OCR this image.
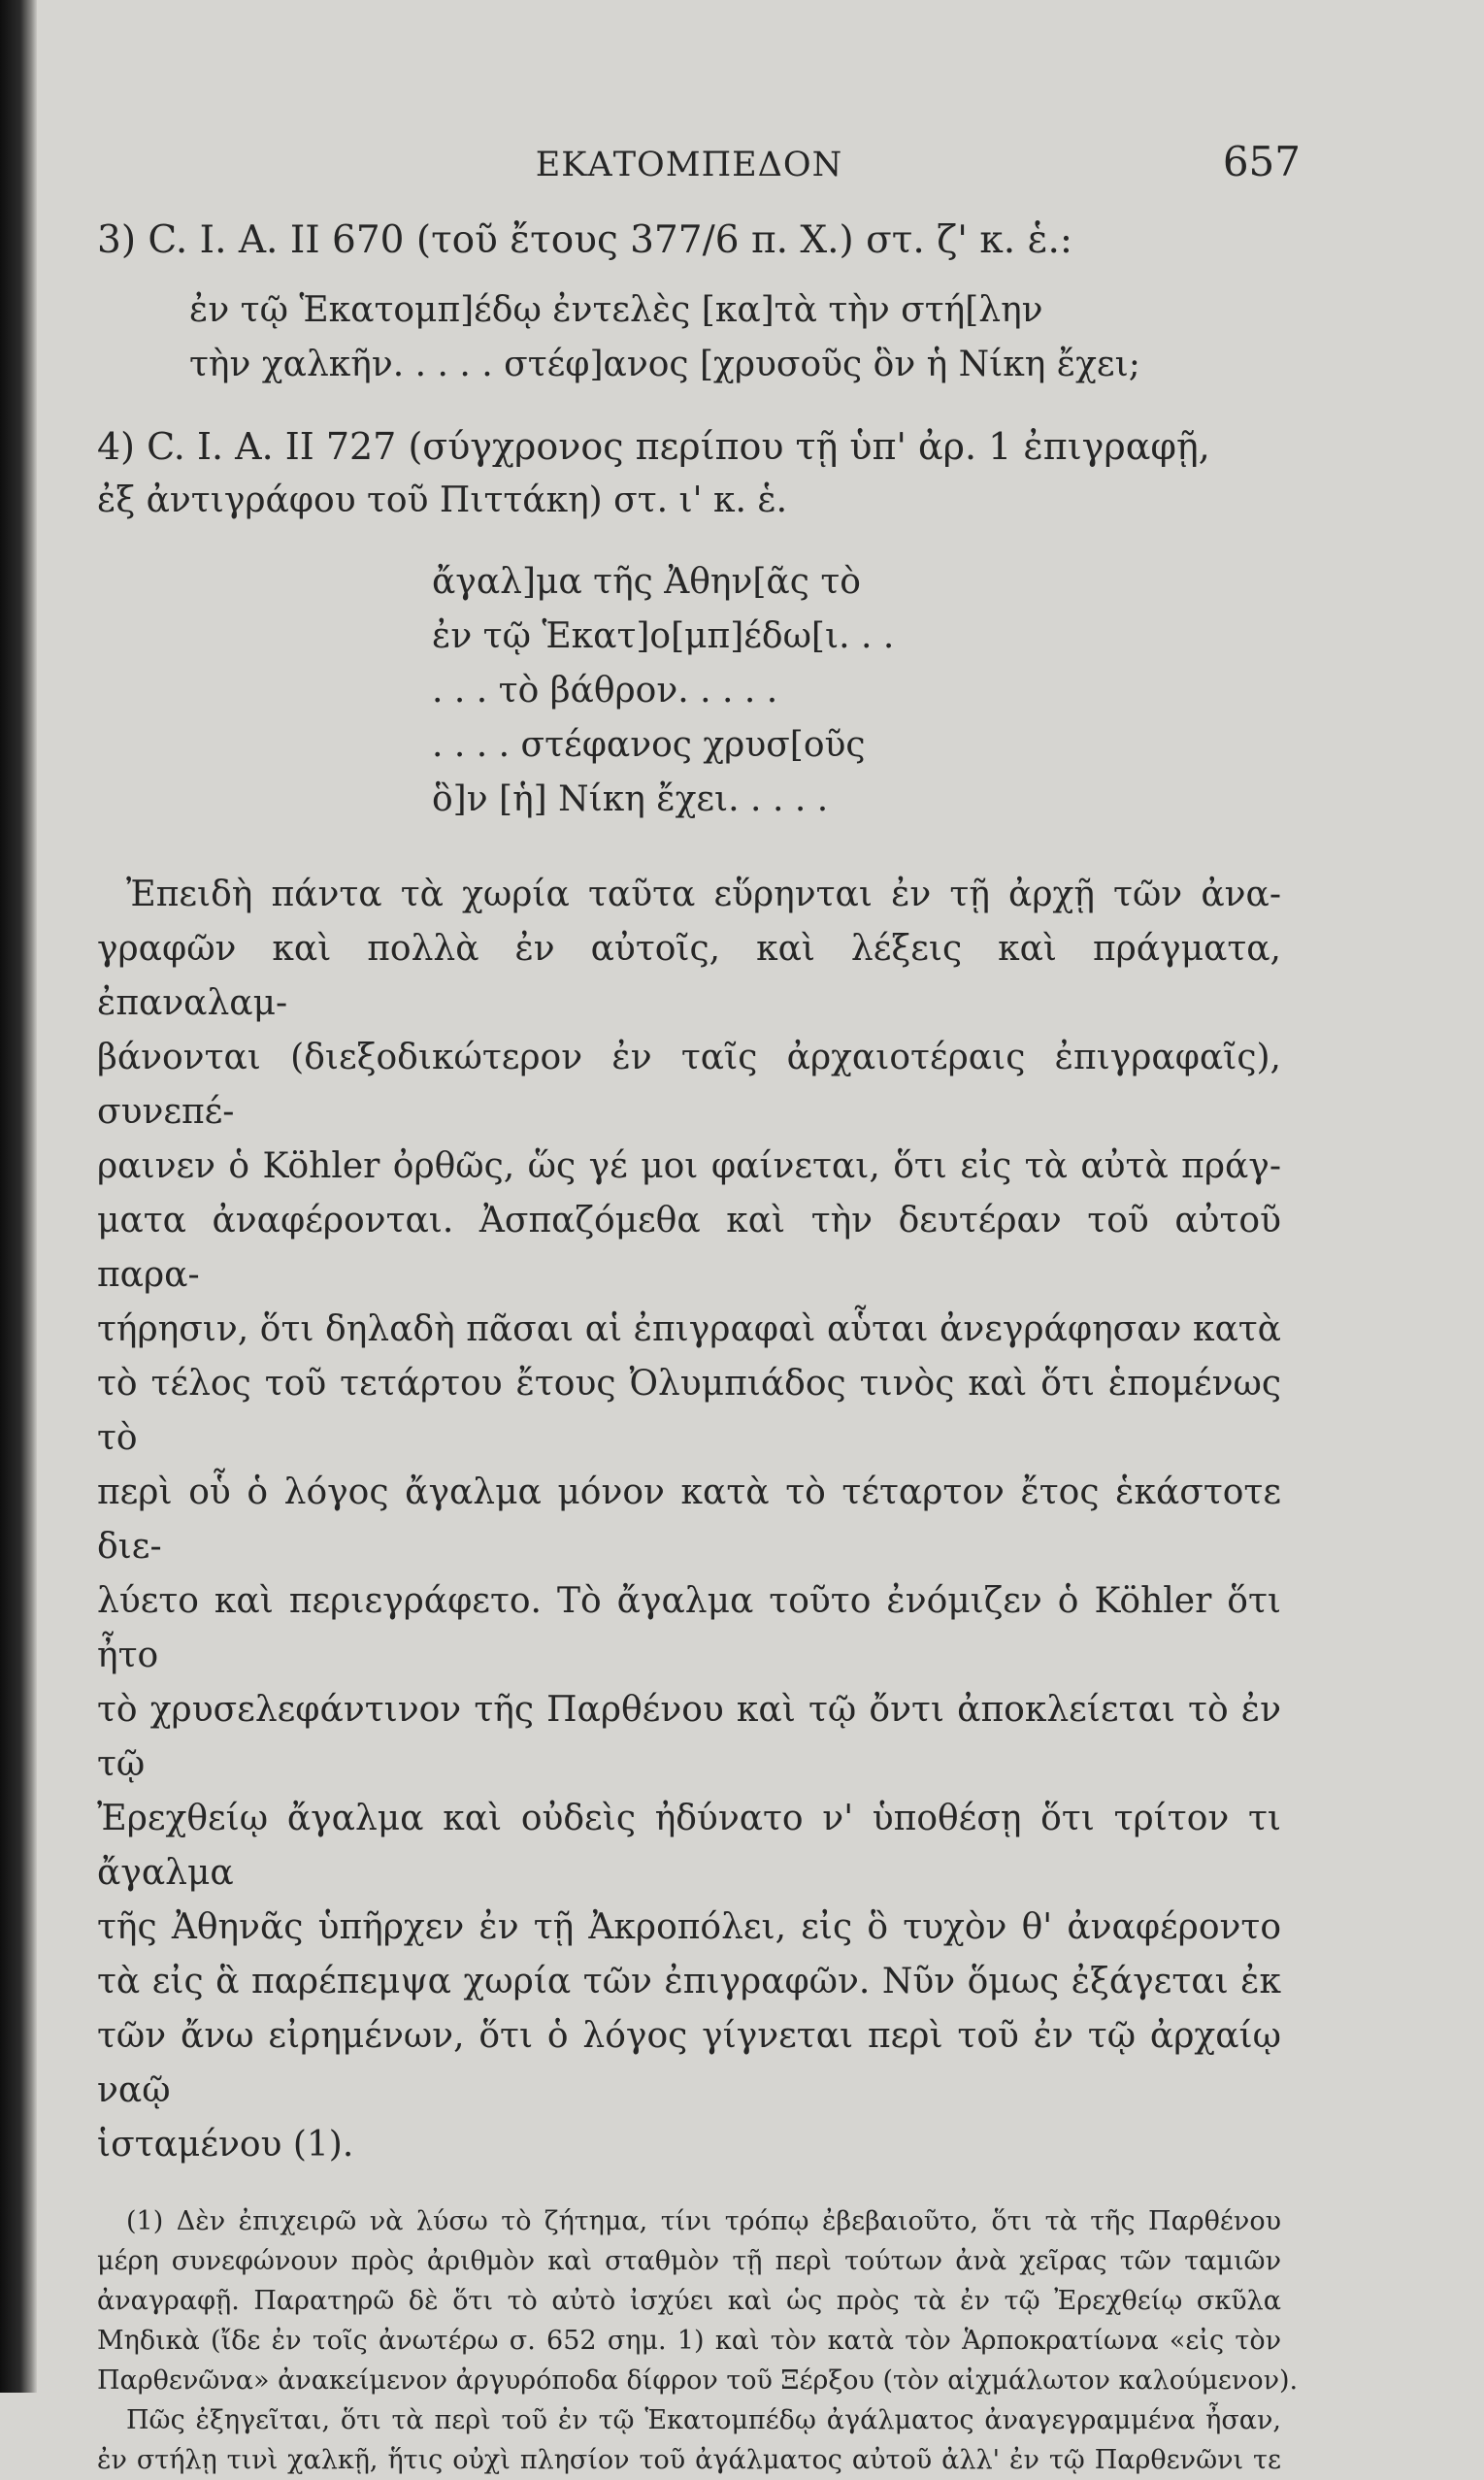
ΕΚΑΤΟΜΠΕΔΟΝ	657
3) C. I. A. II 670 (τοῦ ἔτους 377/6 π. Χ.) στ. ζ' κ. ἑ.:
ἐν τῷ Ἑκατομπ]έδῳ ἐντελὲς [κα]τὰ τὴν στή[λην
τὴν χαλκῆν. . . . . στέφ]ανος [χρυσοῦς ὃν ἡ Νίκη ἔχει;
4) C. I. A. II 727 (σύγχρονος περίπου τῇ ὑπ' ἀρ. 1 ἐπιγραφῇ,
ἐξ ἀντιγράφου τοῦ Πιττάκη) στ. ι' κ. ἑ.
ἄγαλ]μα τῆς Ἀθην[ᾶς τὸ
ἐν τῷ Ἑκατ]ο[μπ]έδω[ι. . .
. . . τὸ βάθρον. . . . .
. . . . στέφανος χρυσ[οῦς
ὃ]ν [ἡ] Νίκη ἔχει. . . . .
Ἐπειδὴ πάντα τὰ χωρία ταῦτα εὕρηνται ἐν τῇ ἀρχῇ τῶν ἀνα-
γραφῶν καὶ πολλὰ ἐν αὐτοῖς, καὶ λέξεις καὶ πράγματα, ἐπαναλαμ-
βάνονται (διεξοδικώτερον ἐν ταῖς ἀρχαιοτέραις ἐπιγραφαῖς), συνεπέ-
ραινεν ὁ Köhler ὀρθῶς, ὥς γέ μοι φαίνεται, ὅτι εἰς τὰ αὐτὰ πράγ-
ματα ἀναφέρονται. Ἀσπαζόμεθα καὶ τὴν δευτέραν τοῦ αὐτοῦ παρα-
τήρησιν, ὅτι δηλαδὴ πᾶσαι αἱ ἐπιγραφαὶ αὗται ἀνεγράφησαν κατὰ
τὸ τέλος τοῦ τετάρτου ἔτους Ὀλυμπιάδος τινὸς καὶ ὅτι ἑπομένως τὸ
περὶ οὗ ὁ λόγος ἄγαλμα μόνον κατὰ τὸ τέταρτον ἔτος ἑκάστοτε διε-
λύετο καὶ περιεγράφετο. Τὸ ἄγαλμα τοῦτο ἐνόμιζεν ὁ Köhler ὅτι ἦτο
τὸ χρυσελεφάντινον τῆς Παρθένου καὶ τῷ ὄντι ἀποκλείεται τὸ ἐν τῷ
Ἐρεχθείῳ ἄγαλμα καὶ οὐδεὶς ἠδύνατο ν' ὑποθέσῃ ὅτι τρίτον τι ἄγαλμα
τῆς Ἀθηνᾶς ὑπῆρχεν ἐν τῇ Ἀκροπόλει, εἰς ὃ τυχὸν θ' ἀναφέροντο
τὰ εἰς ἃ παρέπεμψα χωρία τῶν ἐπιγραφῶν. Νῦν ὅμως ἐξάγεται ἐκ
τῶν ἄνω εἰρημένων, ὅτι ὁ λόγος γίγνεται περὶ τοῦ ἐν τῷ ἀρχαίῳ ναῷ
ἱσταμένου (1).
(1) Δὲν ἐπιχειρῶ νὰ λύσω τὸ ζήτημα, τίνι τρόπῳ ἐβεβαιοῦτο, ὅτι τὰ τῆς Παρθένου
μέρη συνεφώνουν πρὸς ἀριθμὸν καὶ σταθμὸν τῇ περὶ τούτων ἀνὰ χεῖρας τῶν ταμιῶν
ἀναγραφῇ. Παρατηρῶ δὲ ὅτι τὸ αὐτὸ ἰσχύει καὶ ὡς πρὸς τὰ ἐν τῷ Ἐρεχθείῳ σκῦλα
Μηδικὰ (ἴδε ἐν τοῖς ἀνωτέρω σ. 652 σημ. 1) καὶ τὸν κατὰ τὸν Ἁρποκρατίωνα «εἰς τὸν
Παρθενῶνα» ἀνακείμενον ἀργυρόποδα δίφρον τοῦ Ξέρξου (τὸν αἰχμάλωτον καλούμενον).
Πῶς ἐξηγεῖται, ὅτι τὰ περὶ τοῦ ἐν τῷ Ἑκατομπέδῳ ἀγάλματος ἀναγεγραμμένα ἦσαν,
ἐν στήλῃ τινὶ χαλκῇ, ἥτις οὐχὶ πλησίον τοῦ ἀγάλματος αὐτοῦ ἀλλ' ἐν τῷ Παρθενῶνι τε
